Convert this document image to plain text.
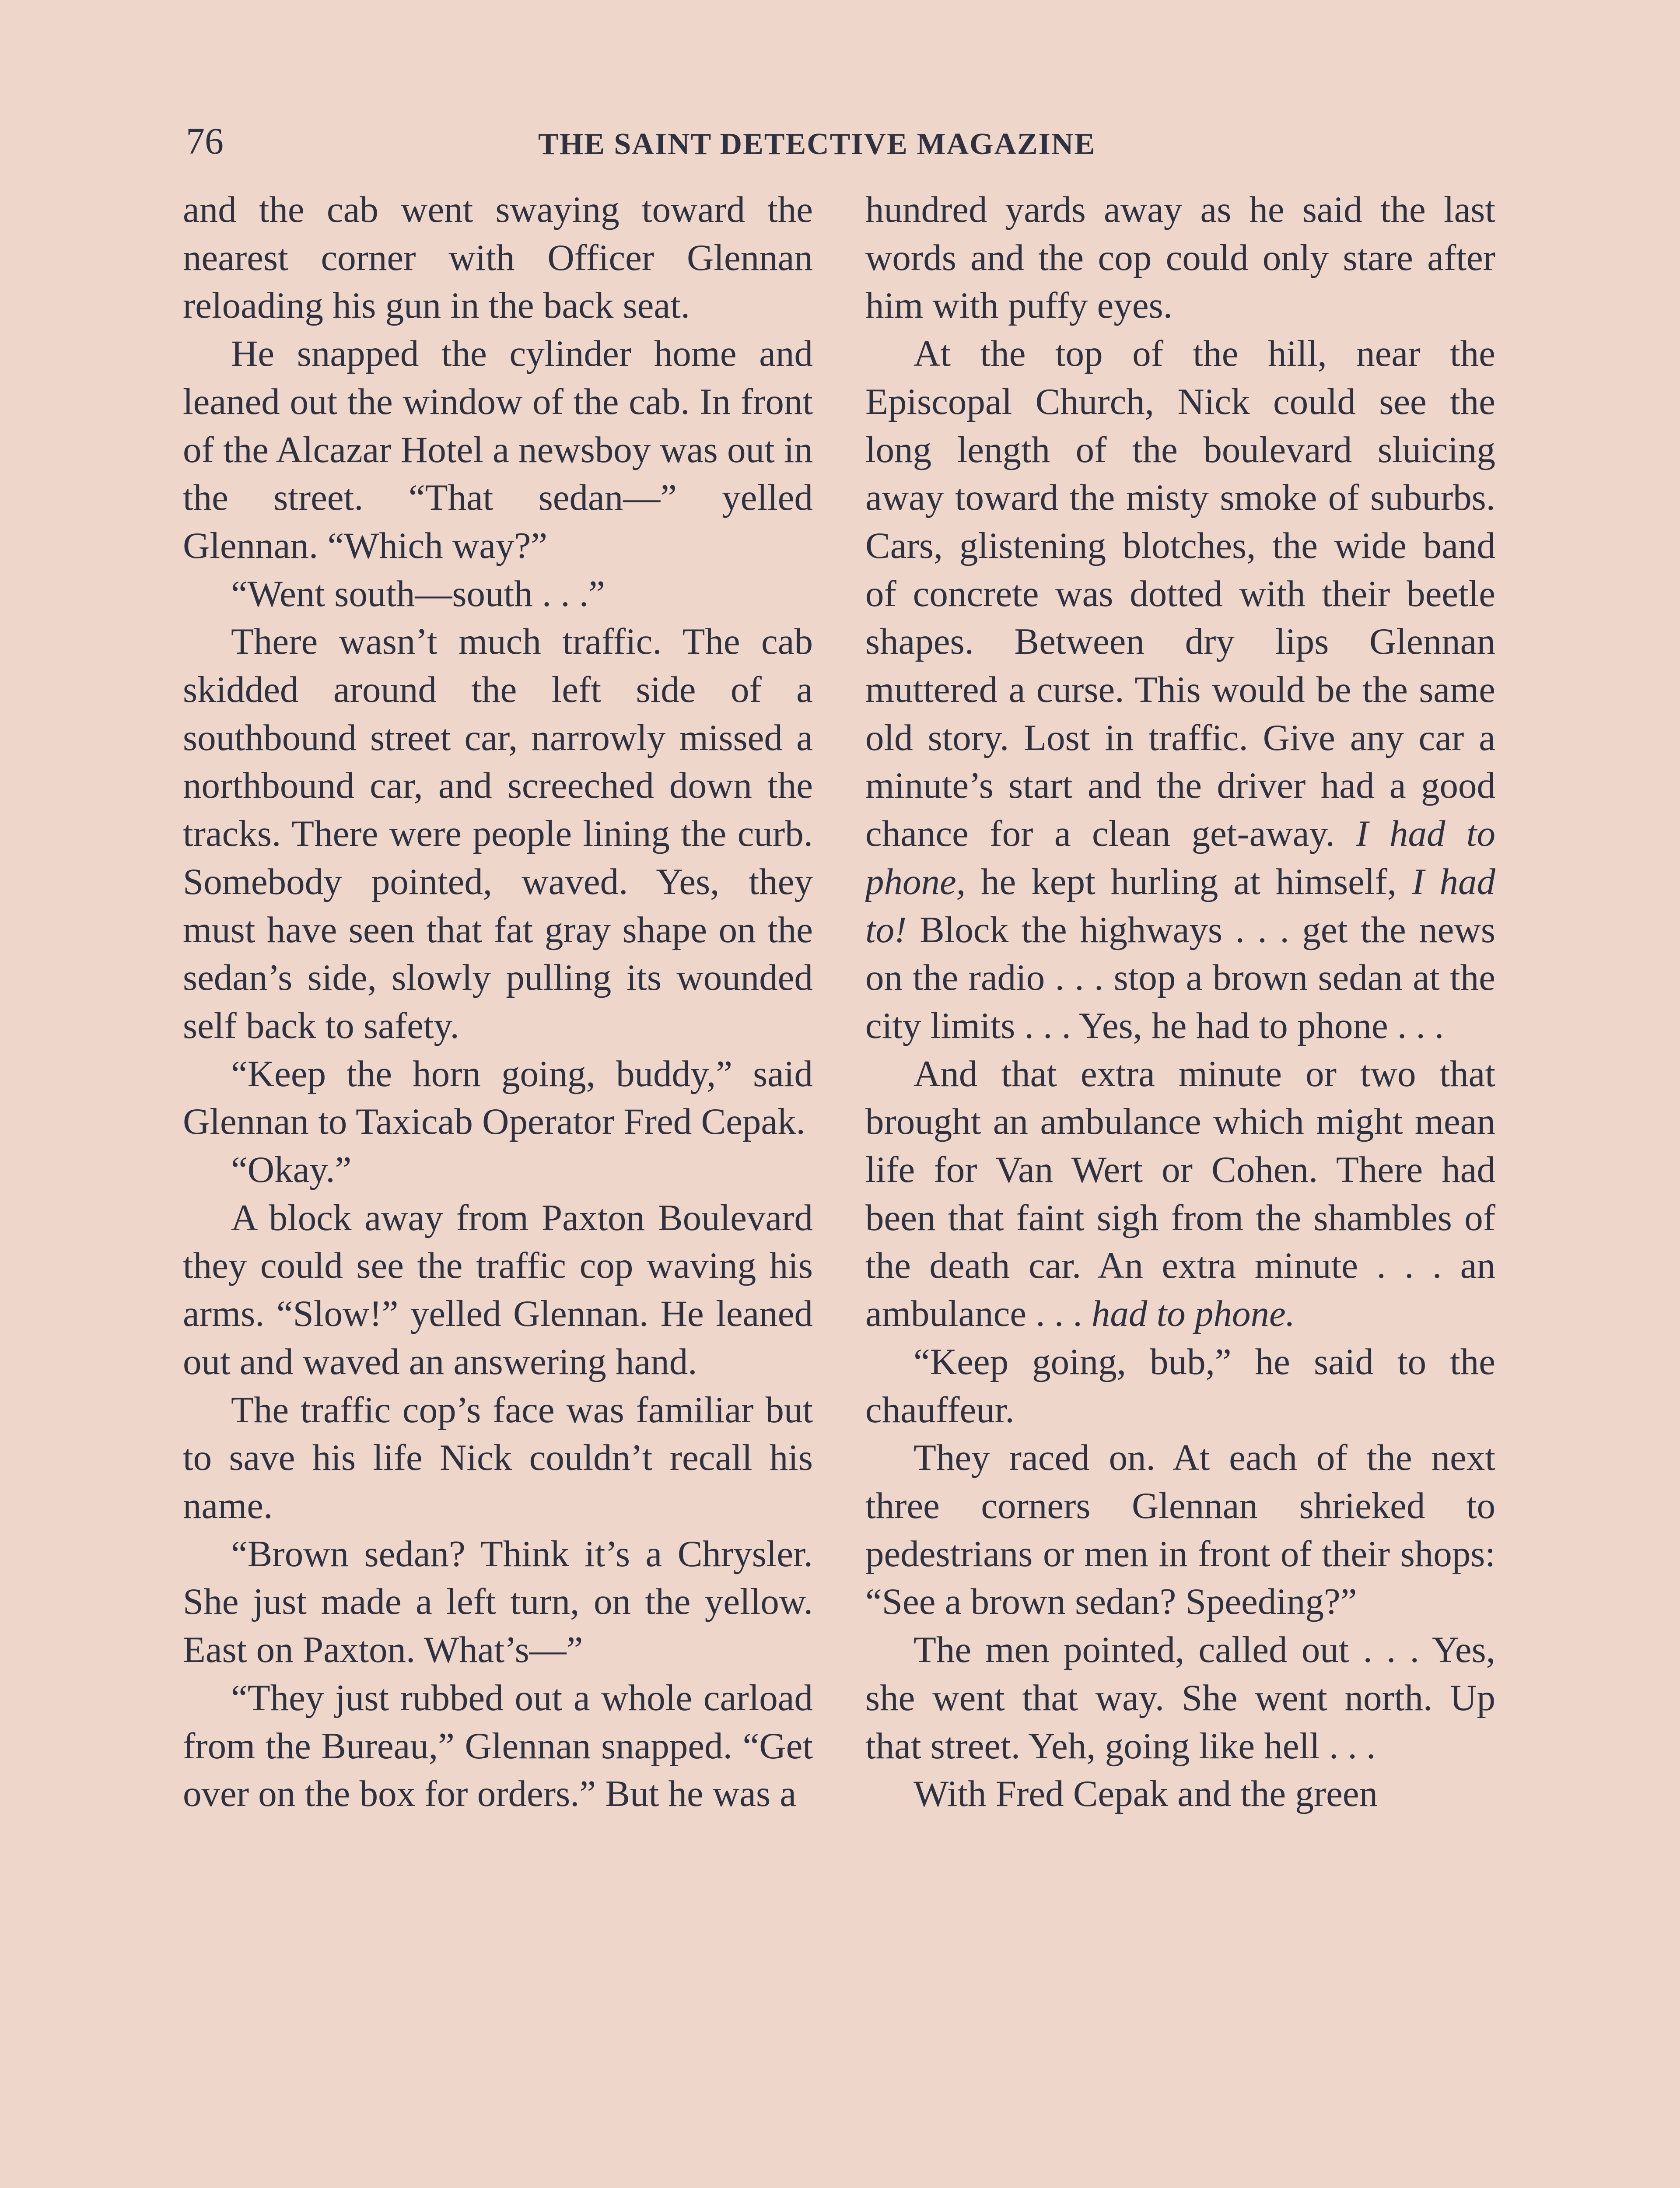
76	THE SAINT DETECTIVE MAGAZINE

and the cab went swaying toward the nearest corner with Officer Glennan reloading his gun in the back seat.

He snapped the cylinder home and leaned out the window of the cab. In front of the Alcazar Hotel a newsboy was out in the street. “That sedan—” yelled Glennan. “Which way?”

“Went south—south . . .”

There wasn’t much traffic. The cab skidded around the left side of a southbound street car, narrowly missed a northbound car, and screeched down the tracks. There were people lining the curb. Somebody pointed, waved. Yes, they must have seen that fat gray shape on the sedan’s side, slowly pulling its wounded self back to safety.

“Keep the horn going, buddy,” said Glennan to Taxicab Operator Fred Cepak.

“Okay.”

A block away from Paxton Boulevard they could see the traffic cop waving his arms. “Slow!” yelled Glennan. He leaned out and waved an answering hand.

The traffic cop’s face was familiar but to save his life Nick couldn’t recall his name.

“Brown sedan? Think it’s a Chrysler. She just made a left turn, on the yellow. East on Paxton. What’s—”

“They just rubbed out a whole carload from the Bureau,” Glennan snapped. “Get over on the box for orders.” But he was a

hundred yards away as he said the last words and the cop could only stare after him with puffy eyes.

At the top of the hill, near the Episcopal Church, Nick could see the long length of the boulevard sluicing away toward the misty smoke of suburbs. Cars, glistening blotches, the wide band of concrete was dotted with their beetle shapes. Between dry lips Glennan muttered a curse. This would be the same old story. Lost in traffic. Give any car a minute’s start and the driver had a good chance for a clean get-away. I had to phone, he kept hurling at himself, I had to! Block the highways . . . get the news on the radio . . . stop a brown sedan at the city limits . . . Yes, he had to phone . . .

And that extra minute or two that brought an ambulance which might mean life for Van Wert or Cohen. There had been that faint sigh from the shambles of the death car. An extra minute . . . an ambulance . . . had to phone.

“Keep going, bub,” he said to the chauffeur.

They raced on. At each of the next three corners Glennan shrieked to pedestrians or men in front of their shops: “See a brown sedan? Speeding?”

The men pointed, called out . . . Yes, she went that way. She went north. Up that street. Yeh, going like hell . . .

With Fred Cepak and the green
